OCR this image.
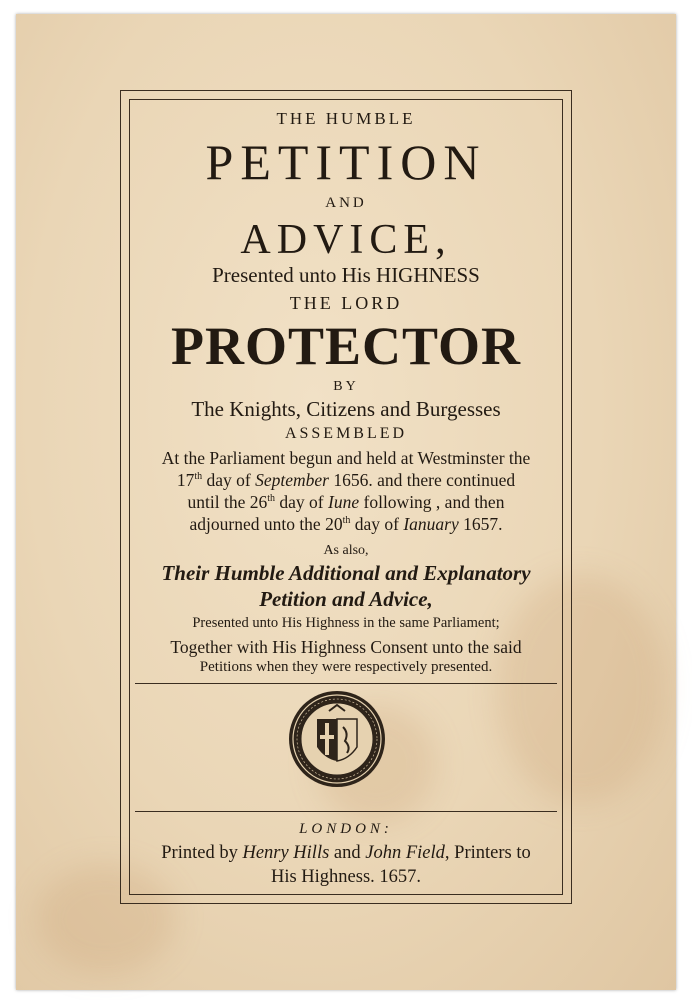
THE HUMBLE
PETITION
AND
ADVICE,
Presented unto His HIGHNESS
THE LORD
PROTECTOR
BY
The Knights, Citizens and Burgesses
ASSEMBLED
At the Parliament begun and held at Westminster the
17th day of September 1656. and there continued
until the 26th day of Iune following , and then
adjourned unto the 20th day of Ianuary 1657.
As also,
Their Humble Additional and Explanatory
Petition and Advice,
Presented unto His Highness in the same Parliament;
Together with His Highness Consent unto the said
Petitions when they were respectively presented.
LONDON:
Printed by Henry Hills and John Field, Printers to
His Highness. 1657.
